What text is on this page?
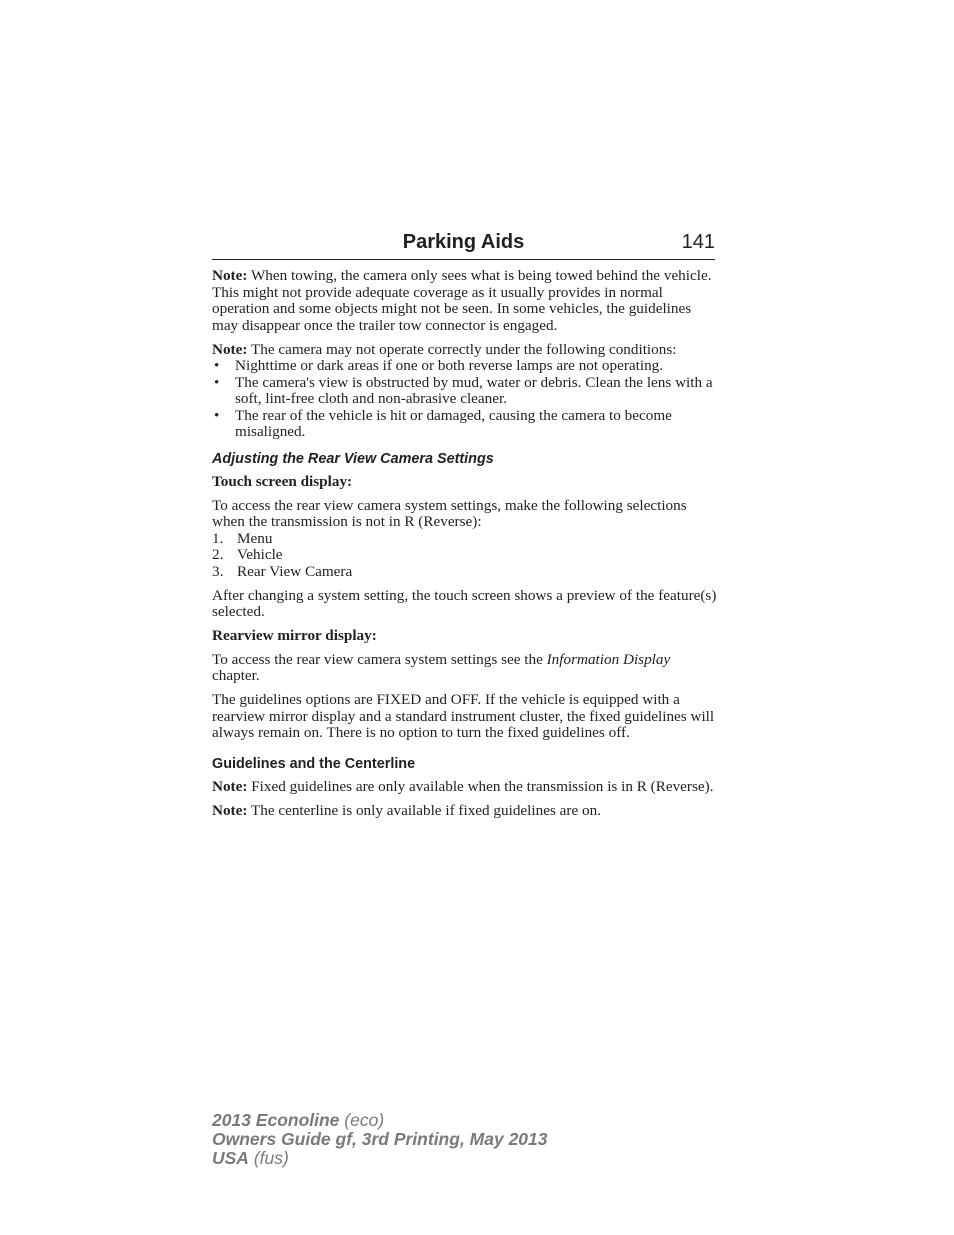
Parking Aids	141

Note: When towing, the camera only sees what is being towed behind the vehicle. This might not provide adequate coverage as it usually provides in normal operation and some objects might not be seen. In some vehicles, the guidelines may disappear once the trailer tow connector is engaged.

Note: The camera may not operate correctly under the following conditions:

• Nighttime or dark areas if one or both reverse lamps are not operating.
• The camera's view is obstructed by mud, water or debris. Clean the lens with a soft, lint-free cloth and non-abrasive cleaner.
• The rear of the vehicle is hit or damaged, causing the camera to become misaligned.
Adjusting the Rear View Camera Settings
Touch screen display:

To access the rear view camera system settings, make the following selections when the transmission is not in R (Reverse):

1. Menu
2. Vehicle
3. Rear View Camera

After changing a system setting, the touch screen shows a preview of the feature(s) selected.

Rearview mirror display:

To access the rear view camera system settings see the Information Display chapter.

The guidelines options are FIXED and OFF. If the vehicle is equipped with a rearview mirror display and a standard instrument cluster, the fixed guidelines will always remain on. There is no option to turn the fixed guidelines off.

Guidelines and the Centerline

Note: Fixed guidelines are only available when the transmission is in R (Reverse).

Note: The centerline is only available if fixed guidelines are on.

2013 Econoline (eco)
Owners Guide gf, 3rd Printing, May 2013
USA (fus)
